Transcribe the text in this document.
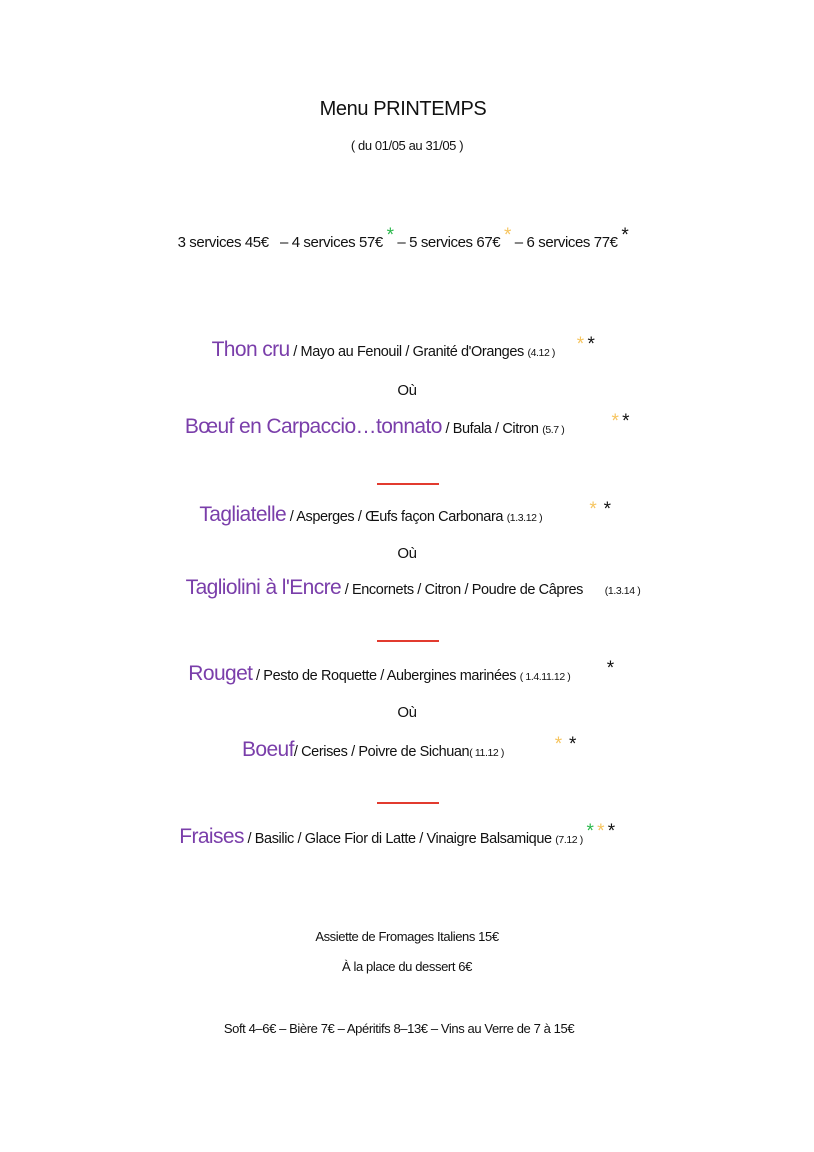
Menu PRINTEMPS
( du 01/05 au 31/05 )
3 services 45€ – 4 services 57€ * – 5 services 67€ * – 6 services 77€ *
Thon cru / Mayo au Fenouil / Granité d'Oranges (4.12 ) * *
Où
Bœuf en Carpaccio…tonnato / Bufala / Citron (5.7 ) * *
Tagliatelle / Asperges / Œufs façon Carbonara (1.3.12 ) * *
Où
Tagliolini à l'Encre / Encornets / Citron / Poudre de Câpres (1.3.14 )
Rouget / Pesto de Roquette / Aubergines marinées ( 1.4.11.12 ) *
Où
Boeuf/ Cerises / Poivre de Sichuan( 11.12 )	* *
Fraises / Basilic / Glace Fior di Latte / Vinaigre Balsamique (7.12 ) * * *
Assiette de Fromages Italiens 15€
À la place du dessert 6€
Soft 4–6€ – Bière 7€ – Apéritifs 8–13€ – Vins au Verre de 7 à 15€
